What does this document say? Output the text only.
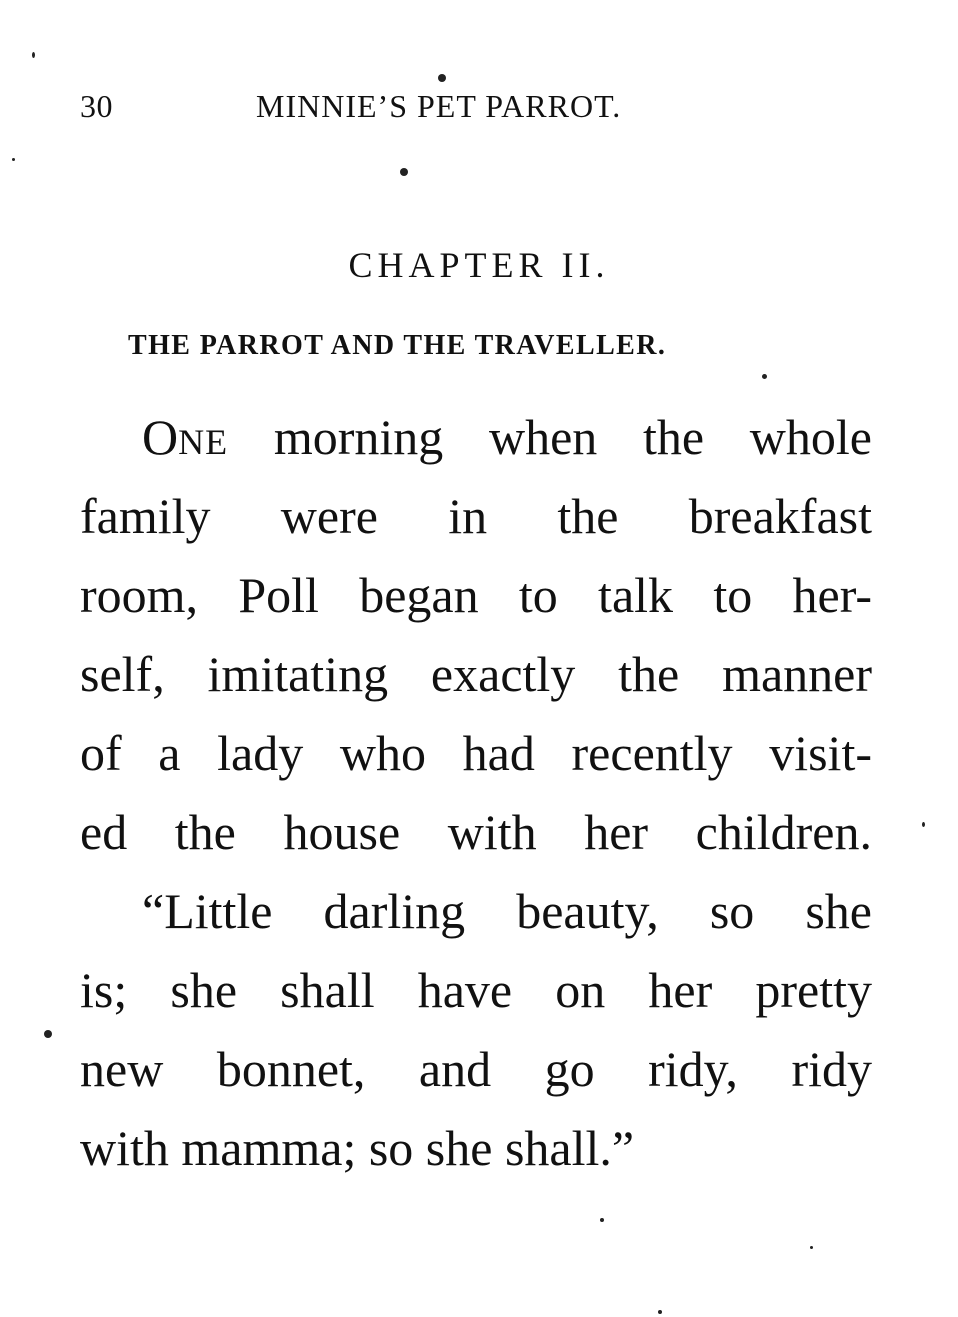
30	MINNIE’S PET PARROT.
CHAPTER II.
THE PARROT AND THE TRAVELLER.
ONE morning when the whole
family were in the breakfast
room, Poll began to talk to her-
self, imitating exactly the manner
of a lady who had recently visit-
ed the house with her children.
“Little darling beauty, so she
is; she shall have on her pretty
new bonnet, and go ridy, ridy
with mamma; so she shall.”
